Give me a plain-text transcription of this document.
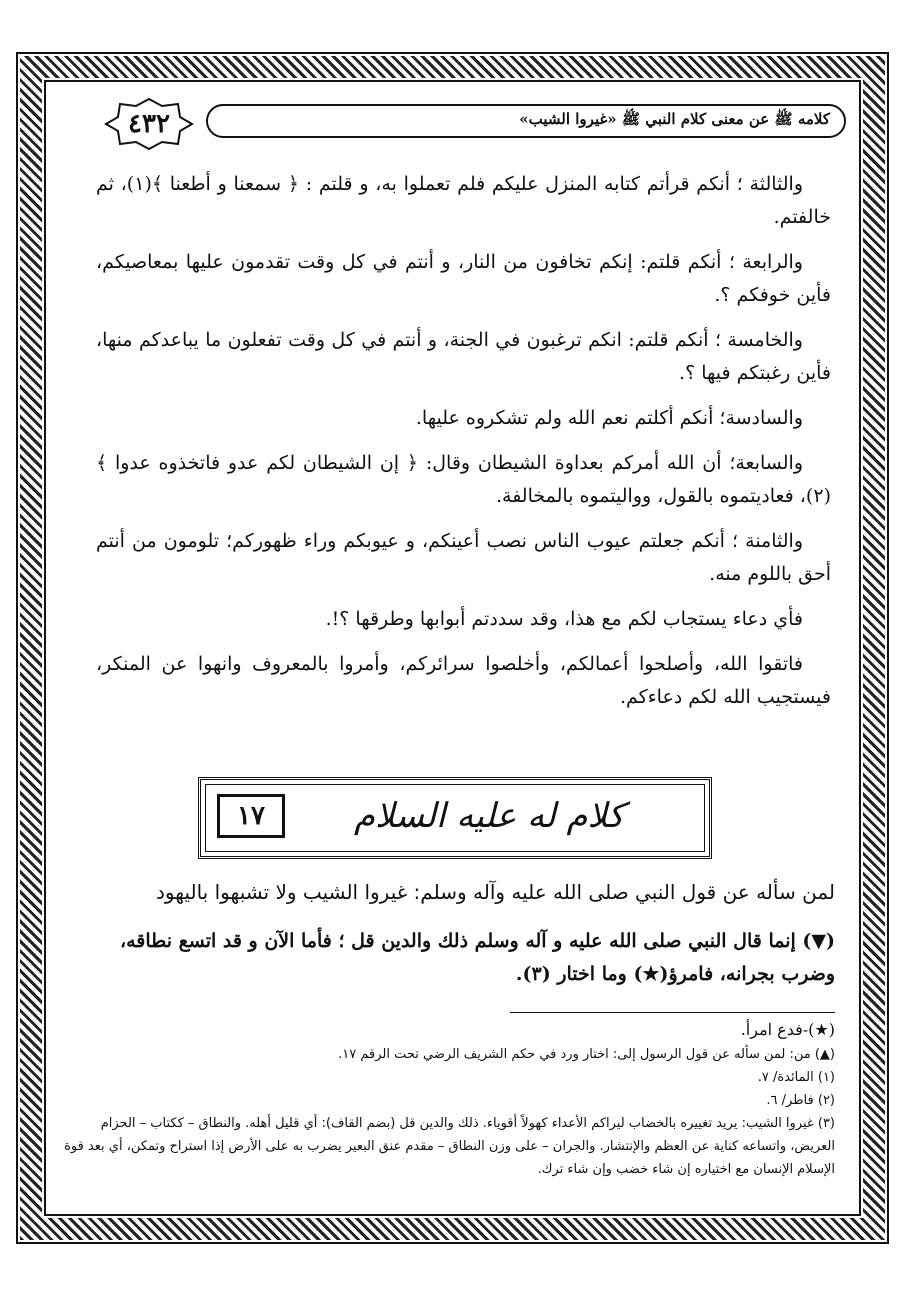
٤٣٢	كلامه ﷺ عن معنى كلام النبي ﷺ «غيروا الشيب»

والثالثة ؛ أنكم قرأتم كتابه المنزل عليكم فلم تعملوا به، و قلتم : ﴿ سمعنا و أطعنا ﴾(١)، ثم خالفتم.

والرابعة ؛ أنكم قلتم: إنكم تخافون من النار، و أنتم في كل وقت تقدمون عليها بمعاصيكم، فأين خوفكم ؟.

والخامسة ؛ أنكم قلتم: انكم ترغبون في الجنة، و أنتم في كل وقت تفعلون ما يباعدكم منها، فأين رغبتكم فيها ؟.

والسادسة؛ أنكم أكلتم نعم الله ولم تشكروه عليها.

والسابعة؛ أن الله أمركم بعداوة الشيطان وقال: ﴿ إن الشيطان لكم عدو فاتخذوه عدوا ﴾(٢)، فعاديتموه بالقول، وواليتموه بالمخالفة.

والثامنة ؛ أنكم جعلتم عيوب الناس نصب أعينكم، و عيوبكم وراء ظهوركم؛ تلومون من أنتم أحق باللوم منه.

فأي دعاء يستجاب لكم مع هذا، وقد سددتم أبوابها وطرقها ؟!.

فاتقوا الله، وأصلحوا أعمالكم، وأخلصوا سرائركم، وأمروا بالمعروف وانهوا عن المنكر، فيستجيب الله لكم دعاءكم.

كلام له عليه السلام
١٧
لمن سأله عن قول النبي صلى الله عليه وآله وسلم: غيروا الشيب ولا تشبهوا باليهود
(▼) إنما قال النبي صلى الله عليه و آله وسلم ذلك والدين قل ؛ فأما الآن و قد اتسع نطاقه، وضرب بجرانه، فامرؤ(★) وما اختار (٣).
(★)-فدع امرأ.
(▲) من: لمن سأله عن قول الرسول إلى: اختار ورد في حكم الشريف الرضي تحت الرقم ١٧.
(١) المائدة/ ٧.
(٢) فاطر/ ٦.
(٣) غيروا الشيب: يريد تغييره بالخضاب ليراكم الأعداء كهولاً أقوياء. ذلك والدين قل (بضم القاف): أي قليل أهله. والنطاق – ككتاب – الحزام العريض، واتساعه كناية عن العظم والإنتشار. والجران – على وزن النطاق – مقدم عنق البعير يضرب به على الأرض إذا استراح وتمكن، أي بعد قوة الإسلام الإنسان مع اختياره إن شاء خضب وإن شاء ترك.
